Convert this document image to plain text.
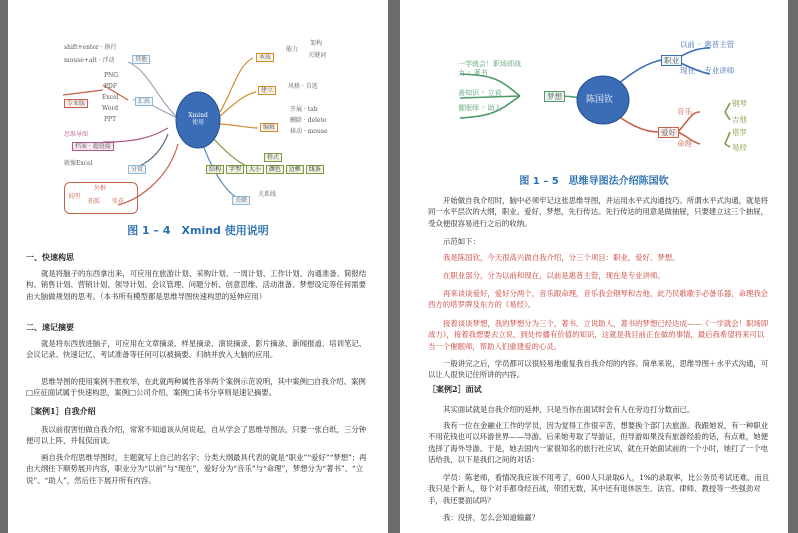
Xmind
使用
shift+enter · 换行
mouse+alt · 浮动	其他
PNG
PDF
Excel
Word
PPT
专业版	汇出
思维导图
档案 · 超链接
就像Excel
分页
说明
外框
拓弧 张花
本质
能力
架构
关键词
建立
风格 · 自选
编辑
开展 · tab
删除 · delete
移动 · mouse
格式
结构 字型 大小 颜色 边框 线条
关联
关系线
图 1 – 4　Xmind 使用说明
一、快速构思
就是将脑子的东西拿出来，可应用在旅游计划、采购计划、一周计划、工作计划、沟通准备、简报结构、销售计划、营销计划、领导计划、会议管理、问题分析、创意思维、活动准备、梦想设定等任何需要由大脑做规划的思考。（本书所有模型都是思维导图快速构思的延伸应用）
二、速记摘要
就是将东西放进脑子，可应用在文章摘录、样星摘录、演说摘录、影片摘录、新闻报道、培训笔记、会议记录、快速记忆、考试准备等任何可以被摘要、归纳并放入大脑的应用。
思维导图的使用案例不胜枚举，在此就两种属性各举两个案例示范说明，其中案例□自我介绍、案例□应征面试属于快速构思，案例□公司介绍，案例□读书分享则是速记摘要。
［案例1］自我介绍
我以前很害怕做自我介绍，常常不知道该从何说起，自从学会了思维导图法，只要一张白纸，三分钟便可以上阵，并侃侃而谈。
画自我介绍思维导图时，主题就写上自己的名字；分类大纲最具代表的就是“职业”“爱好”“梦想”；再由大纲往下顺势展开内容，职业分为“以前”与“现在”，爱好分为“音乐”与“命理”，梦想分为“著书”、“立说”、“助人”，然后往下展开所有内容。
陈国钦
梦想
职业
爱好
以前 ◦ 惠普主管
现在 ◦ 专业讲师
一学就会！职场即战力 ◦ 著书
善知识 ◦ 立说
催眠师 ◦ 助人	音乐
命理
钢琴
吉他
塔罗
易经
图 1 – 5　思维导图法介绍陈国钦
开始做自我介绍时，脑中必须牢记这张思维导图，并运用水平式沟通技巧。所谓水平式沟通，就是将同一水平层次的大纲，职业、爱好、梦想，先行传达。先行传达的用意是做抽屉，只要建立这三个抽屉，受众便很容易进行之后的收纳。
示范如下：
我是陈国钦，今天很高兴做自我介绍，分三个项目：职业、爱好、梦想。
在职业部分，分为以前和现在，以前是惠普主管，现在是专业讲师。
再来谈谈爱好，爱好分两个，音乐跟命理，音乐我会钢琴和吉他，此乃民歌歌手必备乐器，命理我会西方的塔罗牌及东方的《易经》。
接着谈谈梦想，我的梦想分为三个，著书、立说助人，著书的梦想已经达成——《一学就会！职场即战力》，接着我想要去立说，到处传播有价值的知识，这就是我目前正在做的事情，最后我希望将来可以当一个催眠师，帮助人们重建爱的心灵。
一般讲完之后，学员都可以很轻易地重复我自我介绍的内容。简单来说，思维导图＋水平式沟通，可以让人很快记住所讲的内容。
［案例2］面试
其实面试就是自我介绍的延伸，只是当你在面试时会有人在旁边打分数而已。
我有一位在金融业工作的学员，因为觉得工作很辛苦，想要换个部门去旅游。我跟她说，有一种职业不用花钱也可以环游世界——导游。后来她考取了导游证，但导游如果没有旅游经验的话，有点难，她便选择了海外导游。于是，她去国内一家很知名的旅行社应试，就在开始面试前的一个小时，她打了一个电话给我，以下是我们之间的对话：
学员：陈老师，看情况我应该不用考了，600人只录取6人，1%的录取率，比公务员考试还难，而且我只是个新人，每个对手都身经百战，带团无数，其中还有退休医生、法官、律师、教授等一些强劲对手，我还要面试吗？
我：没拼，怎么会知道输赢？
